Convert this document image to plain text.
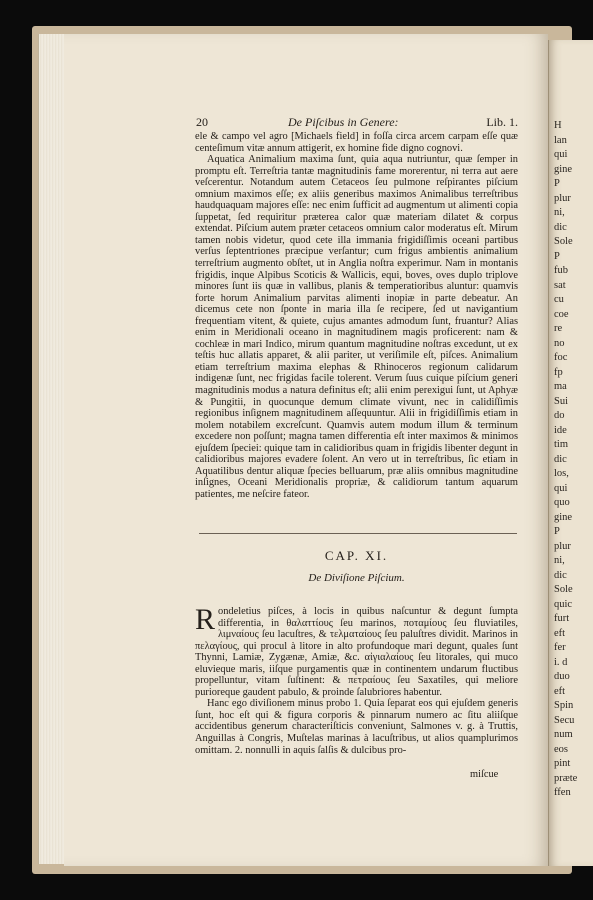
H
lan
qui
gine
P
plur
ni,
dic
Sole
P
fub
sat
cu
coe
re
no
foc
fp
ma
Sui
do
ide
tim
dic
los,
qui
quo
gine
P
plur
ni,
dic
Sole
quic
furt
eft
fer
i. d
duo
eft
Spin
Secu
num
eos
pint
præte
ffen
20	De Piſcibus in Genere:	Lib. 1.

ele & campo vel agro [Michaels field] in foſſa circa arcem carpam eſſe quæ centeſimum vitæ annum attigerit, ex homine fide digno cognovi.

Aquatica Animalium maxima ſunt, quia aqua nutriuntur, quæ ſemper in promptu eſt. Terreſtria tantæ magnitudinis fame morerentur, ni terra aut aere veſcerentur. Notandum autem Cetaceos ſeu pulmone reſpirantes piſcium omnium maximos eſſe; ex aliis generibus maximos Animalibus terreſtribus haudquaquam majores eſſe: nec enim ſufficit ad augmentum ut alimenti copia ſuppetat, ſed requiritur præterea calor quæ materiam dilatet & corpus extendat. Piſcium autem præter cetaceos omnium calor moderatus eſt. Mirum tamen nobis videtur, quod cete illa immania frigidiſſimis oceani partibus verſus ſeptentriones præcipue verſantur; cum frigus ambientis animalium terreſtrium augmento obſtet, ut in Anglia noſtra experimur. Nam in montanis frigidis, inque Alpibus Scoticis & Wallicis, equi, boves, oves duplo triplove minores ſunt iis quæ in vallibus, planis & temperatioribus aluntur: quamvis forte horum Animalium parvitas alimenti inopiæ in parte debeatur. An dicemus cete non ſponte in maria illa ſe recipere, ſed ut navigantium frequentiam vitent, & quiete, cujus amantes admodum ſunt, fruantur? Alias enim in Meridionali oceano in magnitudinem magis proficerent: nam & cochleæ in mari Indico, mirum quantum magnitudine noſtras excedunt, ut ex teſtis huc allatis apparet, & alii pariter, ut veriſimile eſt, piſces. Animalium etiam terreſtrium maxima elephas & Rhinoceros regionum calidarum indigenæ ſunt, nec frigidas facile tolerent. Verum ſuus cuique piſcium generi magnitudinis modus a natura definitus eſt; alii enim perexigui ſunt, ut Aphyæ & Pungitii, in quocunque demum climate vivunt, nec in calidiſſimis regionibus inſignem magnitudinem aſſequuntur. Alii in frigidiſſimis etiam in molem notabilem excreſcunt. Quamvis autem modum illum & terminum excedere non poſſunt; magna tamen differentia eſt inter maximos & minimos ejuſdem ſpeciei: quique tam in calidioribus quam in frigidis libenter degunt in calidioribus majores evadere ſolent. An vero ut in terreſtribus, ſic etiam in Aquatilibus dentur aliquæ ſpecies belluarum, præ aliis omnibus magnitudine inſignes, Oceani Meridionalis propriæ, & calidiorum tantum aquarum patientes, me neſcire fateor.

CAP. XI.
De Diviſione Piſcium.

Rondeletius piſces, à locis in quibus naſcuntur & degunt ſumpta differentia, in θαλαττίους ſeu marinos, ποταμίους ſeu fluviatiles, λιμναίους ſeu lacuſtres, & τελματαίους ſeu paluſtres dividit. Marinos in πελαγίους, qui procul à litore in alto profundoque mari degunt, quales ſunt Thynni, Lamiæ, Zygænæ, Amiæ, &c. αἰγιαλαίους ſeu litorales, qui muco eluvieque maris, iiſque purgamentis quæ in continentem undarum fluctibus propelluntur, vitam ſuſtinent: & πετραίους ſeu Saxatiles, qui meliore purioreque gaudent pabulo, & proinde ſalubriores habentur.

Hanc ego diviſionem minus probo 1. Quia ſeparat eos qui ejuſdem generis ſunt, hoc eſt qui & figura corporis & pinnarum numero ac ſitu aliiſque accidentibus generum characteriſticis conveniunt, Salmones v. g. à Truttis, Anguillas à Congris, Muſtelas marinas à lacuſtribus, ut alios quamplurimos omittam. 2. nonnulli in aquis ſalſis & dulcibus pro-

miſcue
